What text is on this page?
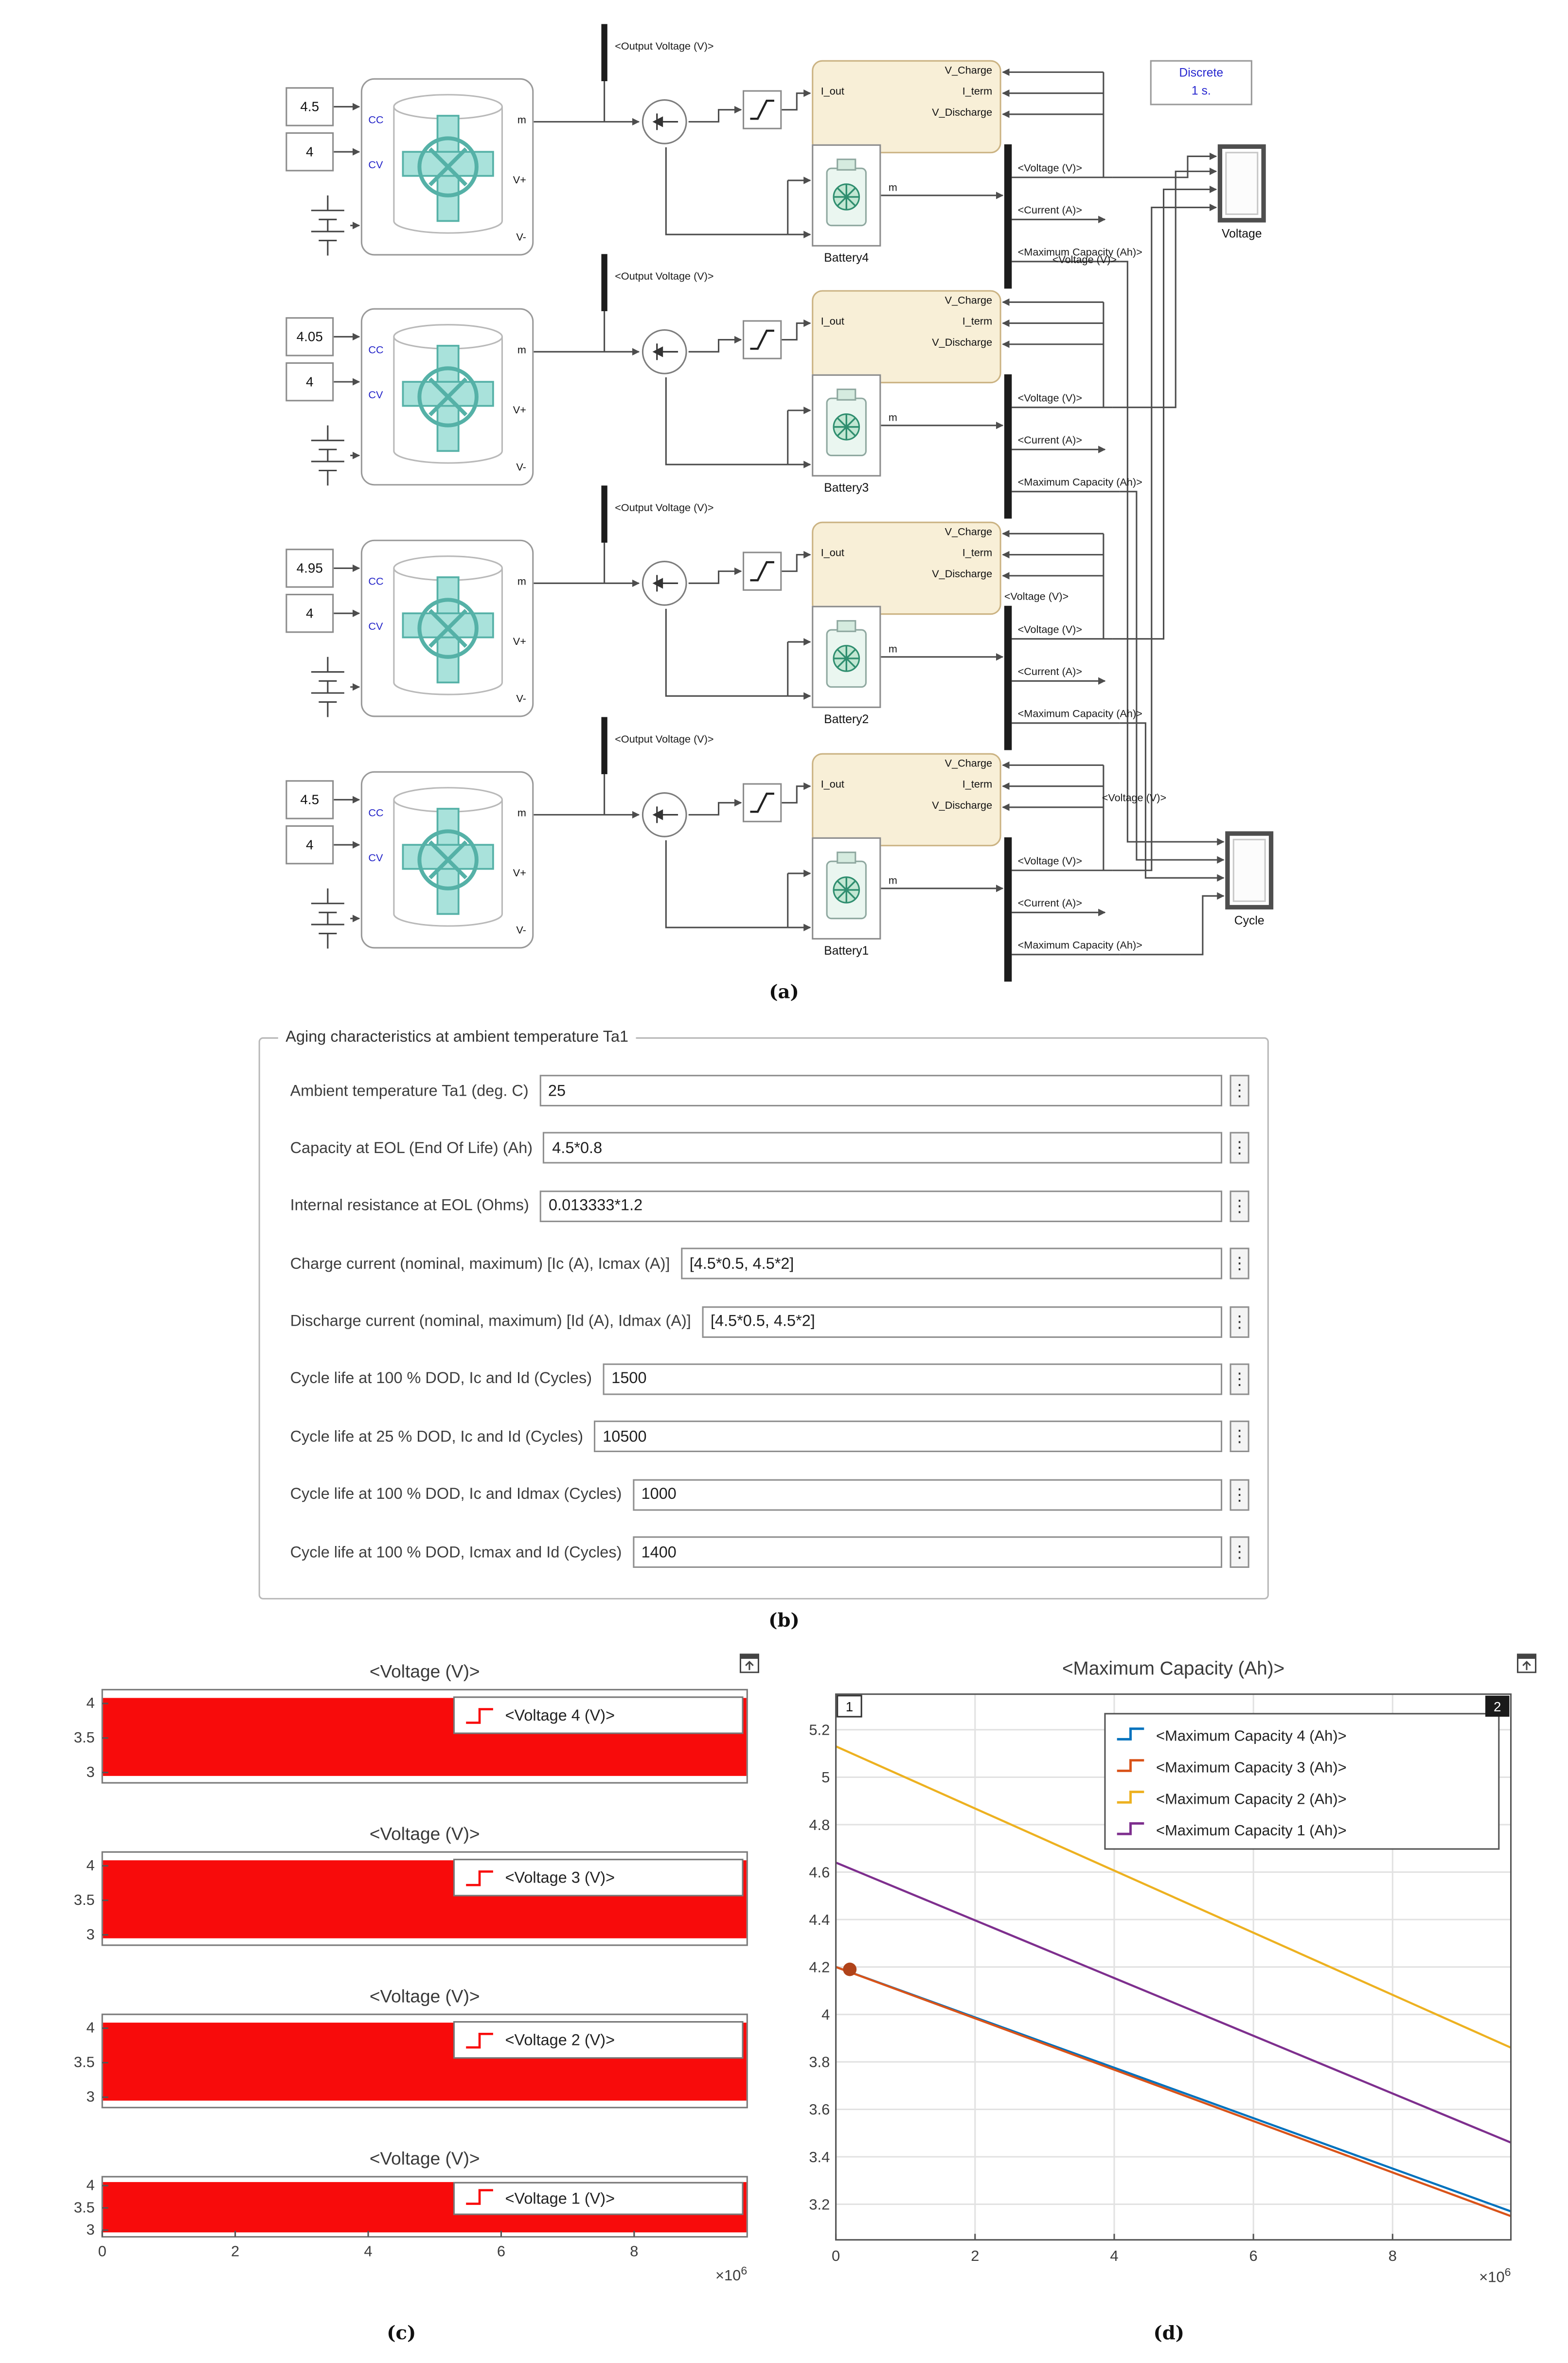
4.5
4
CC
CV
m
V+
V-
<Output Voltage (V)>
I_out
V_Charge
I_term
V_Discharge
m
Battery4
<Voltage (V)>
<Current (A)>
<Maximum Capacity (Ah)>
4.05
4
CC
CV
m
V+
V-
<Output Voltage (V)>
I_out
V_Charge
I_term
V_Discharge
m
Battery3
<Voltage (V)>
<Current (A)>
<Maximum Capacity (Ah)>
4.95
4
CC
CV
m
V+
V-
<Output Voltage (V)>
I_out
V_Charge
I_term
V_Discharge
m
Battery2
<Voltage (V)>
<Current (A)>
<Maximum Capacity (Ah)>
4.5
4
CC
CV
m
V+
V-
<Output Voltage (V)>
I_out
V_Charge
I_term
V_Discharge
m
Battery1
<Voltage (V)>
<Current (A)>
<Maximum Capacity (Ah)>
Discrete
1 s.
Voltage
Cycle
<Voltage (V)>
<Voltage (V)>
<Voltage (V)>
(a)
Aging characteristics at ambient temperature Ta1
Ambient temperature Ta1 (deg. C)	25	⋮
Capacity at EOL (End Of Life) (Ah)	4.5*0.8	⋮
Internal resistance at EOL (Ohms)	0.013333*1.2	⋮
Charge current (nominal, maximum) [Ic (A), Icmax (A)]	[4.5*0.5, 4.5*2]	⋮
Discharge current (nominal, maximum) [Id (A), Idmax (A)]	[4.5*0.5, 4.5*2]	⋮
Cycle life at 100 % DOD, Ic and Id (Cycles)	1500	⋮
Cycle life at 25 % DOD, Ic and Id (Cycles)	10500	⋮
Cycle life at 100 % DOD, Ic and Idmax (Cycles)	1000	⋮
Cycle life at 100 % DOD, Icmax and Id (Cycles)	1400	⋮
(b)
<Voltage (V)>
4
3.5
3
<Voltage 4 (V)>
<Voltage (V)>
4
3.5
3
<Voltage 3 (V)>
<Voltage (V)>
4
3.5
3
<Voltage 2 (V)>
<Voltage (V)>
4
3.5
3
<Voltage 1 (V)>
0	2	4	6	8
$\times 10^6$
<Maximum Capacity (Ah)>
3.2
3.4
3.6
3.8
4
4.2
4.4
4.6
4.8
5
5.2
0	2	4	6	8
$\times 10^6$
<Maximum Capacity 4 (Ah)>
<Maximum Capacity 3 (Ah)>
<Maximum Capacity 2 (Ah)>
<Maximum Capacity 1 (Ah)>
1	2
(c)	(d)
